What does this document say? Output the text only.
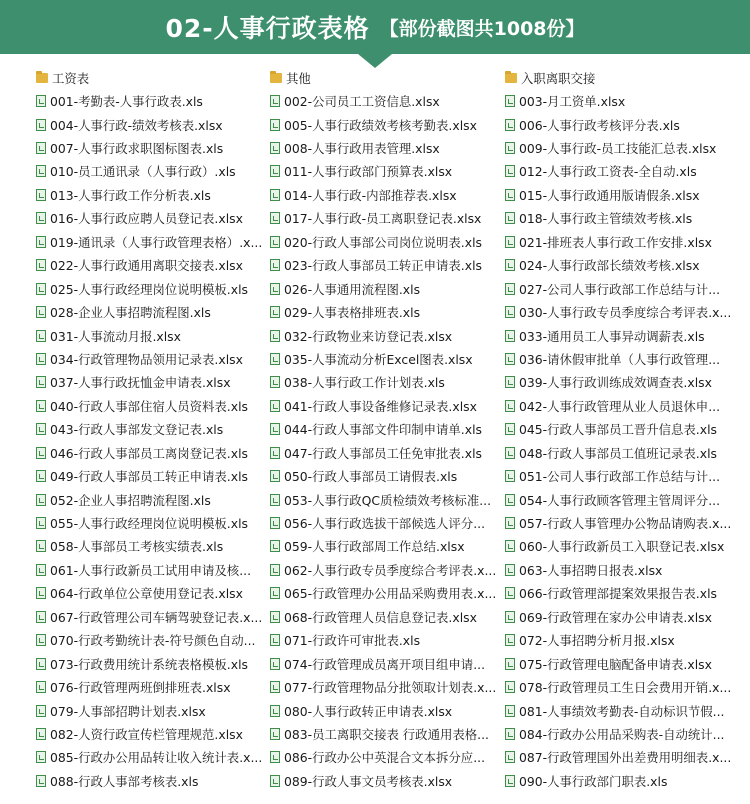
02-人事行政表格 【部份截图共1008份】
工资表
001-考勤表-人事行政表.xls
004-人事行政-绩效考核表.xlsx
007-人事行政求职图标图表.xls
010-员工通讯录（人事行政）.xls
013-人事行政工作分析表.xls
016-人事行政应聘人员登记表.xlsx
019-通讯录（人事行政管理表格）.x...
022-人事行政通用离职交接表.xlsx
025-人事行政经理岗位说明模板.xls
028-企业人事招聘流程图.xls
031-人事流动月报.xlsx
034-行政管理物品领用记录表.xlsx
037-人事行政抚恤金申请表.xlsx
040-行政人事部住宿人员资料表.xls
043-行政人事部发文登记表.xls
046-行政人事部员工离岗登记表.xls
049-行政人事部员工转正申请表.xls
052-企业人事招聘流程图.xls
055-人事行政经理岗位说明模板.xls
058-人事部员工考核实绩表.xls
061-人事行政新员工试用申请及核...
064-行政单位公章使用登记表.xlsx
067-行政管理公司车辆驾驶登记表.x...
070-行政考勤统计表-符号颜色自动...
073-行政费用统计系统表格模板.xls
076-行政管理两班倒排班表.xlsx
079-人事部招聘计划表.xlsx
082-人资行政宣传栏管理规范.xlsx
085-行政办公用品转让收入统计表.x...
088-行政人事部考核表.xls
其他
002-公司员工工资信息.xlsx
005-人事行政绩效考核考勤表.xlsx
008-人事行政用表管理.xlsx
011-人事行政部门预算表.xlsx
014-人事行政-内部推荐表.xlsx
017-人事行政-员工离职登记表.xlsx
020-行政人事部公司岗位说明表.xls
023-行政人事部员工转正申请表.xls
026-人事通用流程图.xls
029-人事表格排班表.xls
032-行政物业来访登记表.xlsx
035-人事流动分析Excel图表.xlsx
038-人事行政工作计划表.xls
041-行政人事设备维修记录表.xlsx
044-行政人事部文件印制申请单.xls
047-行政人事部员工任免审批表.xls
050-行政人事部员工请假表.xls
053-人事行政QC质检绩效考核标准...
056-人事行政选拔干部候选人评分...
059-人事行政部周工作总结.xlsx
062-人事行政专员季度综合考评表.x...
065-行政管理办公用品采购费用表.x...
068-行政管理人员信息登记表.xlsx
071-行政许可审批表.xls
074-行政管理成员离开项目组申请...
077-行政管理物品分批领取计划表.x...
080-人事行政转正申请表.xlsx
083-员工离职交接表 行政通用表格...
086-行政办公中英混合文本拆分应...
089-行政人事文员考核表.xlsx
入职离职交接
003-月工资单.xlsx
006-人事行政考核评分表.xls
009-人事行政-员工技能汇总表.xlsx
012-人事行政工资表-全自动.xls
015-人事行政通用版请假条.xlsx
018-人事行政主管绩效考核.xls
021-排班表人事行政工作安排.xlsx
024-人事行政部长绩效考核.xlsx
027-公司人事行政部工作总结与计...
030-人事行政专员季度综合考评表.x...
033-通用员工人事异动调薪表.xls
036-请休假审批单（人事行政管理...
039-人事行政训练成效调查表.xlsx
042-人事行政管理从业人员退休申...
045-行政人事部员工晋升信息表.xls
048-行政人事部员工值班记录表.xls
051-公司人事行政部工作总结与计...
054-人事行政顾客管理主管周评分...
057-行政人事管理办公物品请购表.x...
060-人事行政新员工入职登记表.xlsx
063-人事招聘日报表.xlsx
066-行政管理部提案效果报告表.xls
069-行政管理在家办公申请表.xlsx
072-人事招聘分析月报.xlsx
075-行政管理电脑配备申请表.xlsx
078-行政管理员工生日会费用开销.x...
081-人事绩效考勤表-自动标识节假...
084-行政办公用品采购表-自动统计...
087-行政管理国外出差费用明细表.x...
090-人事行政部门职表.xls
